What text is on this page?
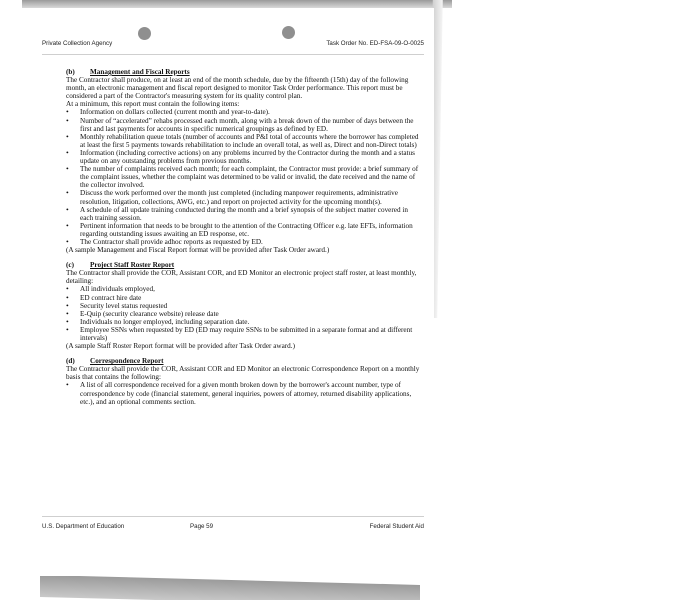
Private Collection Agency	Task Order No. ED-FSA-09-O-0025
(b) Management and Fiscal Reports

The Contractor shall produce, on at least an end of the month schedule, due by the fifteenth (15th) day of the following month, an electronic management and fiscal report designed to monitor Task Order performance. This report must be considered a part of the Contractor's measuring system for its quality control plan.

At a minimum, this report must contain the following items:

• Information on dollars collected (current month and year-to-date).
• Number of “accelerated” rehabs processed each month, along with a break down of the number of days between the first and last payments for accounts in specific numerical groupings as defined by ED.
• Monthly rehabilitation queue totals (number of accounts and P&I total of accounts where the borrower has completed at least the first 5 payments towards rehabilitation to include an overall total, as well as, Direct and non-Direct totals)
• Information (including corrective actions) on any problems incurred by the Contractor during the month and a status update on any outstanding problems from previous months.
• The number of complaints received each month; for each complaint, the Contractor must provide: a brief summary of the complaint issues, whether the complaint was determined to be valid or invalid, the date received and the name of the collector involved.
• Discuss the work performed over the month just completed (including manpower requirements, administrative resolution, litigation, collections, AWG, etc.) and report on projected activity for the upcoming month(s).
• A schedule of all update training conducted during the month and a brief synopsis of the subject matter covered in each training session.
• Pertinent information that needs to be brought to the attention of the Contracting Officer e.g. late EFTs, information regarding outstanding issues awaiting an ED response, etc.
• The Contractor shall provide adhoc reports as requested by ED.

(A sample Management and Fiscal Report format will be provided after Task Order award.)

(c) Project Staff Roster Report

The Contractor shall provide the COR, Assistant COR, and ED Monitor an electronic project staff roster, at least monthly, detailing:

• All individuals employed,
• ED contract hire date
• Security level status requested
• E-Quip (security clearance website) release date
• Individuals no longer employed, including separation date.
• Employee SSNs when requested by ED (ED may require SSNs to be submitted in a separate format and at different intervals)

(A sample Staff Roster Report format will be provided after Task Order award.)

(d) Correspondence Report

The Contractor shall provide the COR, Assistant COR and ED Monitor an electronic Correspondence Report on a monthly basis that contains the following:

• A list of all correspondence received for a given month broken down by the borrower's account number, type of correspondence by code (financial statement, general inquiries, powers of attorney, returned disability applications, etc.), and an optional comments section.
U.S. Department of Education	Page 59	Federal Student Aid
